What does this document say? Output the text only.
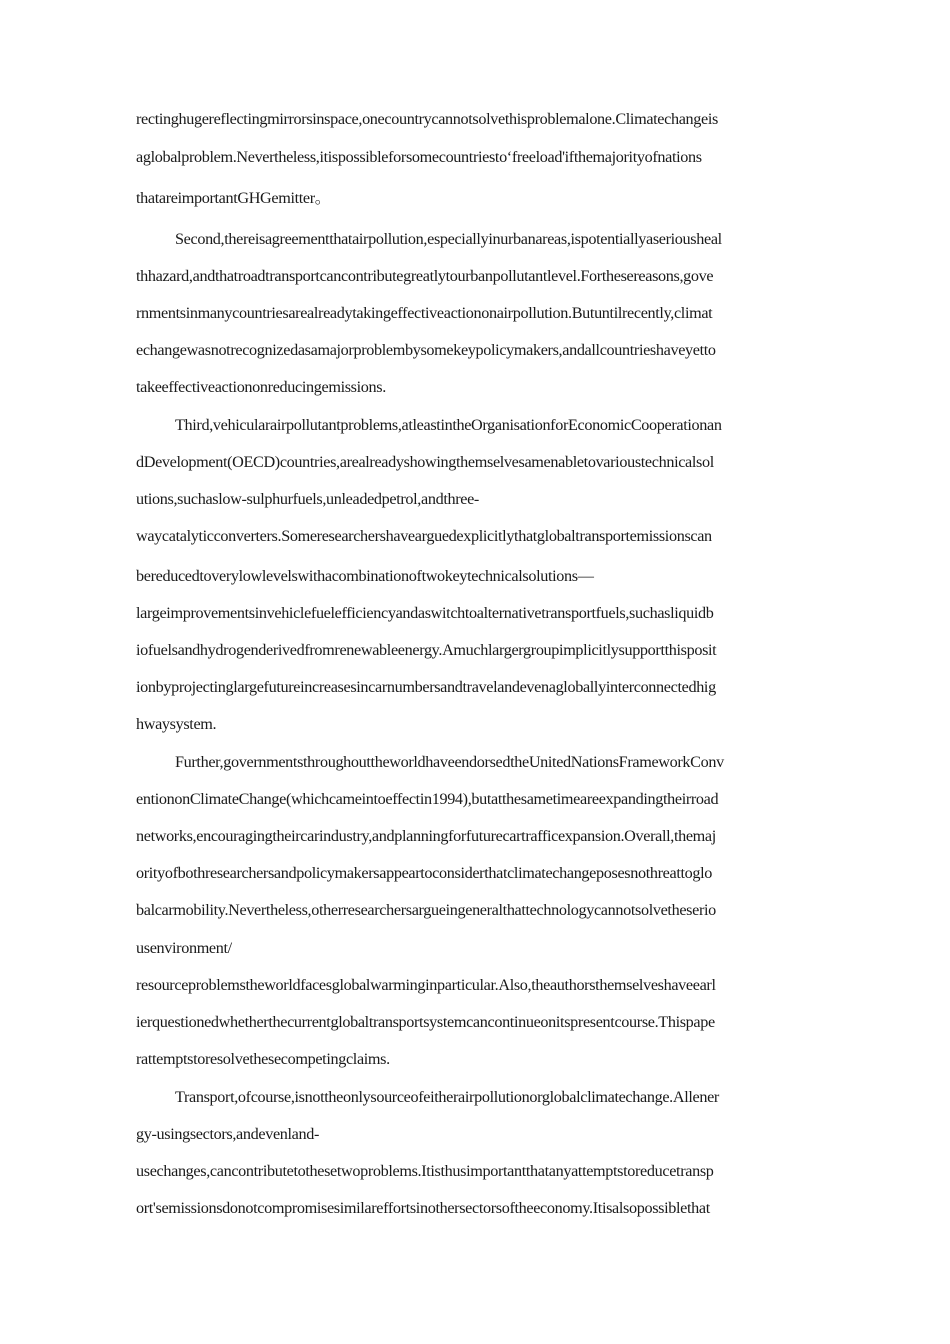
rectinghugereflectingmirrorsinspace,onecountrycannotsolvethisproblemalone.Climatechangeis

aglobalproblem.Nevertheless,itispossibleforsomecountriesto‘freeload'ifthemajorityofnations

thatareimportantGHGemitter。

Second,thereisagreementthatairpollution,especiallyinurbanareas,ispotentiallyaseriousheal

thhazard,andthatroadtransportcancontributegreatlytourbanpollutantlevel.Forthesereasons,gove

rnmentsinmanycountriesarealreadytakingeffectiveactiononairpollution.Butuntilrecently,climat

echangewasnotrecognizedasamajorproblembysomekeypolicymakers,andallcountrieshaveyetto

takeeffectiveactiononreducingemissions.

Third,vehicularairpollutantproblems,atleastintheOrganisationforEconomicCooperationan

dDevelopment(OECD)countries,arealreadyshowingthemselvesamenabletovarioustechnicalsol

utions,suchaslow-sulphurfuels,unleadedpetrol,andthree-

waycatalyticconverters.Someresearchershavearguedexplicitlythatglobaltransportemissionscan

bereducedtoverylowlevelswithacombinationoftwokeytechnicalsolutions—

largeimprovementsinvehiclefuelefficiencyandaswitchtoalternativetransportfuels,suchasliquidb

iofuelsandhydrogenderivedfromrenewableenergy.Amuchlargergroupimplicitlysupportthisposit

ionbyprojectinglargefutureincreasesincarnumbersandtravelandevenagloballyinterconnectedhig

hwaysystem.

Further,governmentsthroughouttheworldhaveendorsedtheUnitedNationsFrameworkConv

entiononClimateChange(whichcameintoeffectin1994),butatthesametimeareexpandingtheirroad

networks,encouragingtheircarindustry,andplanningforfuturecartrafficexpansion.Overall,themaj

orityofbothresearchersandpolicymakersappeartoconsiderthatclimatechangeposesnothreattoglo

balcarmobility.Nevertheless,otherresearchersargueingeneralthattechnologycannotsolvetheserio

usenvironment/

resourceproblemstheworldfacesglobalwarminginparticular.Also,theauthorsthemselveshaveearl

ierquestionedwhetherthecurrentglobaltransportsystemcancontinueonitspresentcourse.Thispape

rattemptstoresolvethesecompetingclaims.

Transport,ofcourse,isnottheonlysourceofeitherairpollutionorglobalclimatechange.Allener

gy-usingsectors,andevenland-

usechanges,cancontributetothesetwoproblems.Itisthusimportantthatanyattemptstoreducetransp

ort'semissionsdonotcompromisesimilareffortsinothersectorsoftheeconomy.Itisalsopossiblethat
